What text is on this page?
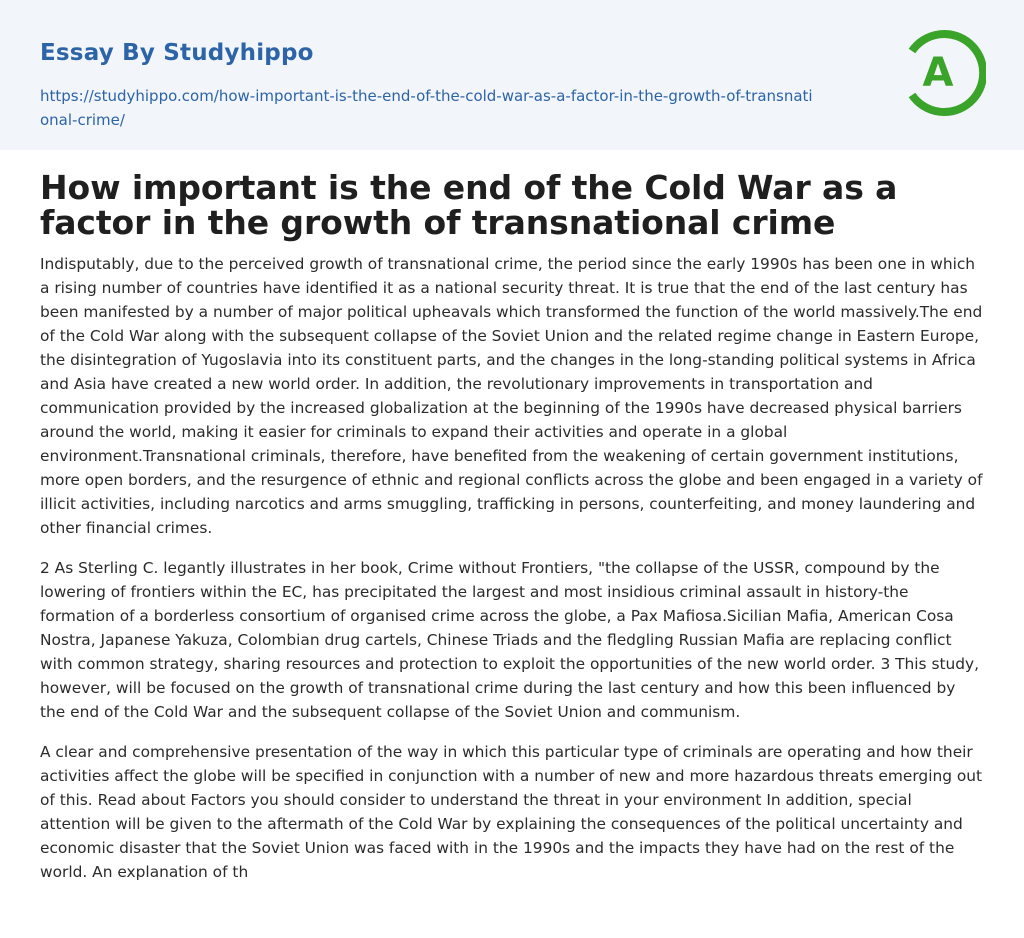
Essay By Studyhippo
https://studyhippo.com/how-important-is-the-end-of-the-cold-war-as-a-factor-in-the-growth-of-transnational-crime/
A
How important is the end of the Cold War as a factor in the growth of transnational crime

Indisputably, due to the perceived growth of transnational crime, the period since the early 1990s has been one in which a rising number of countries have identified it as a national security threat. It is true that the end of the last century has been manifested by a number of major political upheavals which transformed the function of the world massively.The end of the Cold War along with the subsequent collapse of the Soviet Union and the related regime change in Eastern Europe, the disintegration of Yugoslavia into its constituent parts, and the changes in the long-standing political systems in Africa and Asia have created a new world order. In addition, the revolutionary improvements in transportation and communication provided by the increased globalization at the beginning of the 1990s have decreased physical barriers around the world, making it easier for criminals to expand their activities and operate in a global environment.Transnational criminals, therefore, have benefited from the weakening of certain government institutions, more open borders, and the resurgence of ethnic and regional conflicts across the globe and been engaged in a variety of illicit activities, including narcotics and arms smuggling, trafficking in persons, counterfeiting, and money laundering and other financial crimes.

2 As Sterling C. legantly illustrates in her book, Crime without Frontiers, "the collapse of the USSR, compound by the lowering of frontiers within the EC, has precipitated the largest and most insidious criminal assault in history-the formation of a borderless consortium of organised crime across the globe, a Pax Mafiosa.Sicilian Mafia, American Cosa Nostra, Japanese Yakuza, Colombian drug cartels, Chinese Triads and the fledgling Russian Mafia are replacing conflict with common strategy, sharing resources and protection to exploit the opportunities of the new world order. 3 This study, however, will be focused on the growth of transnational crime during the last century and how this been influenced by the end of the Cold War and the subsequent collapse of the Soviet Union and communism.

A clear and comprehensive presentation of the way in which this particular type of criminals are operating and how their activities affect the globe will be specified in conjunction with a number of new and more hazardous threats emerging out of this. Read about Factors you should consider to understand the threat in your environment In addition, special attention will be given to the aftermath of the Cold War by explaining the consequences of the political uncertainty and economic disaster that the Soviet Union was faced with in the 1990s and the impacts they have had on the rest of the world. An explanation of th
